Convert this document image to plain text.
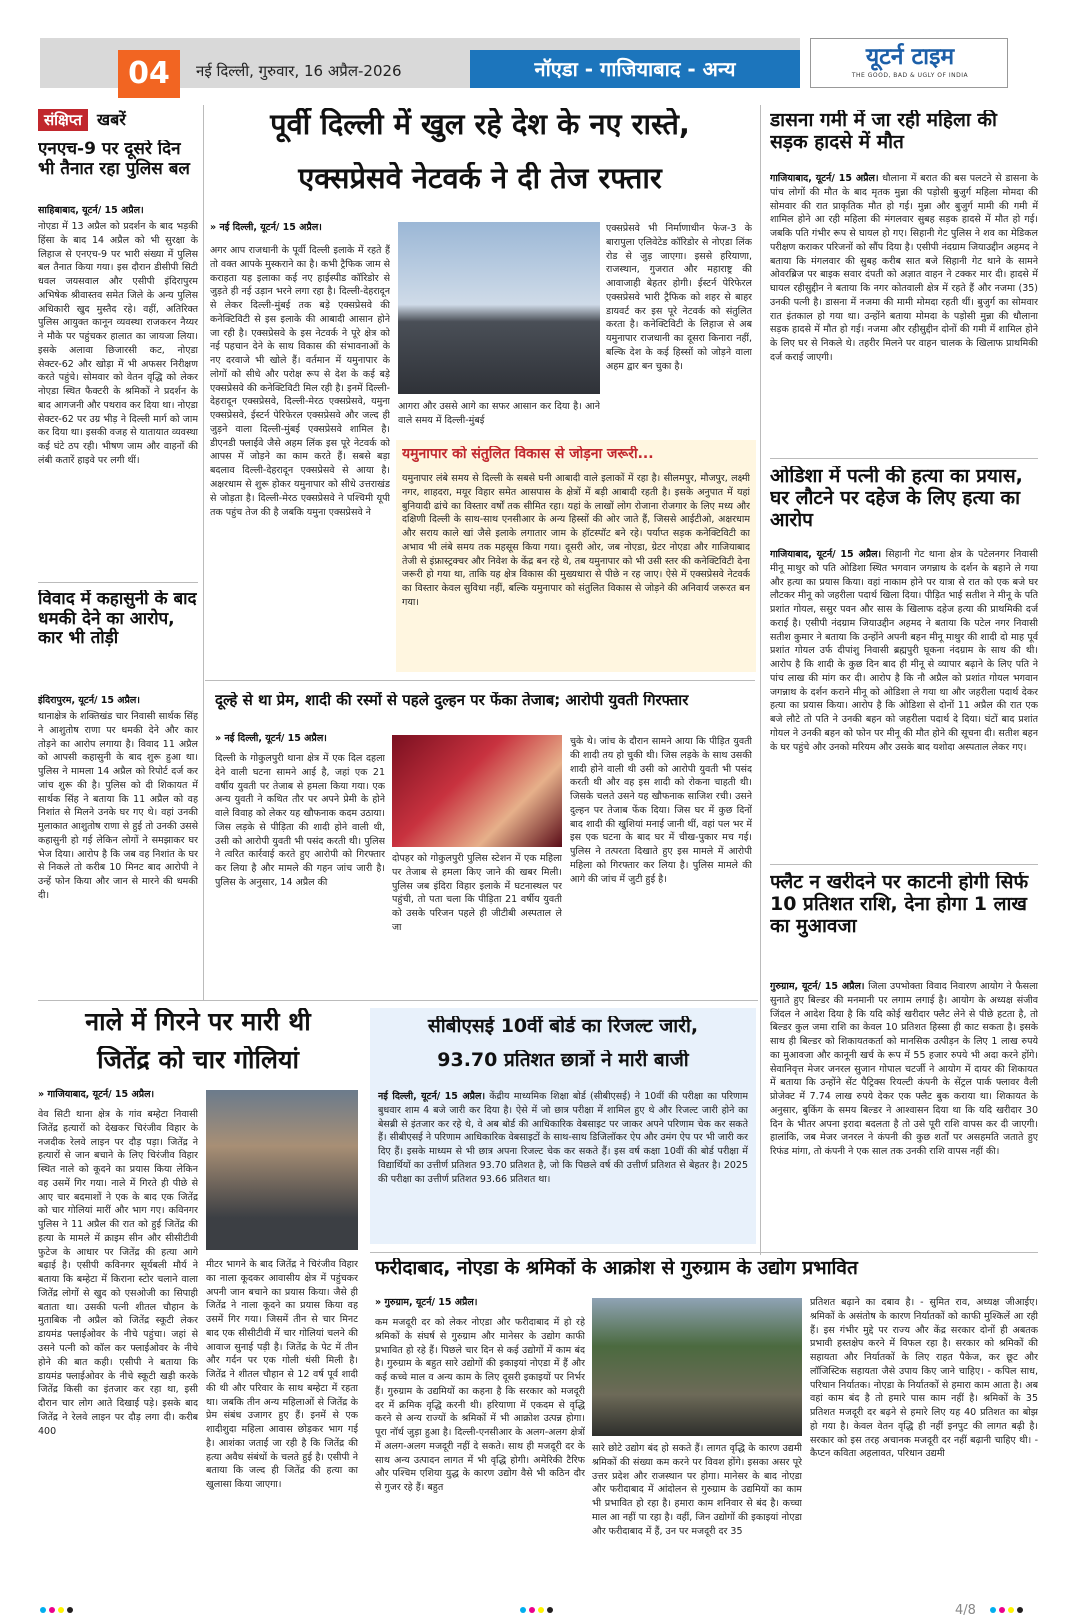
04	नई दिल्ली, गुरुवार, 16 अप्रैल-2026	नॉएडा - गाजियाबाद - अन्य	यूटर्न टाइम
THE GOOD, BAD & UGLY OF INDIA
संक्षिप्त खबरें
एनएच-9 पर दूसरे दिन भी तैनात रहा पुलिस बल
साहिबाबाद, यूटर्न/ 15 अप्रैल।
नोएडा में 13 अप्रैल को प्रदर्शन के बाद भड़की हिंसा के बाद 14 अप्रैल को भी सुरक्षा के लिहाज से एनएच-9 पर भारी संख्या में पुलिस बल तैनात किया गया। इस दौरान डीसीपी सिटी धवल जयसवाल और एसीपी इंदिरापुरम अभिषेक श्रीवास्तव समेत जिले के अन्य पुलिस अधिकारी खुद मुस्तैद रहे। वहीं, अतिरिक्त पुलिस आयुक्त कानून व्यवस्था राजकरन नैय्यर ने मौके पर पहुंचकर हालात का जायजा लिया। इसके अलावा छिजारसी कट, नोएडा सेक्टर-62 और खोड़ा में भी अफसर निरीक्षण करते पहुंचे। सोमवार को वेतन वृद्धि को लेकर नोएडा स्थित फैक्टरी के श्रमिकों ने प्रदर्शन के बाद आगजनी और पथराव कर दिया था। नोएडा सेक्टर-62 पर उग्र भीड़ ने दिल्ली मार्ग को जाम कर दिया था। इसकी वजह से यातायात व्यवस्था कई घंटे ठप रही। भीषण जाम और वाहनों की लंबी कतारें हाइवे पर लगी थीं।
विवाद में कहासुनी के बाद धमकी देने का आरोप, कार भी तोड़ी
इंदिरापुरम, यूटर्न/ 15 अप्रैल।
थानाक्षेत्र के शक्तिखंड चार निवासी सार्थक सिंह ने आशुतोष राणा पर धमकी देने और कार तोड़ने का आरोप लगाया है। विवाद 11 अप्रैल को आपसी कहासुनी के बाद शुरू हुआ था। पुलिस ने मामला 14 अप्रैल को रिपोर्ट दर्ज कर जांच शुरू की है। पुलिस को दी शिकायत में सार्थक सिंह ने बताया कि 11 अप्रैल को वह निशांत से मिलने उनके घर गए थे। वहां उनकी मुलाकात आशुतोष राणा से हुई तो उनकी उससे कहासुनी हो गई लेकिन लोगों ने समझाकर घर भेज दिया। आरोप है कि जब वह निशांत के घर से निकले तो करीब 10 मिनट बाद आरोपी ने उन्हें फोन किया और जान से मारने की धमकी दी।
पूर्वी दिल्ली में खुल रहे देश के नए रास्ते,
एक्सप्रेसवे नेटवर्क ने दी तेज रफ्तार
» नई दिल्ली, यूटर्न/ 15 अप्रैल।
अगर आप राजधानी के पूर्वी दिल्ली इलाके में रहते हैं तो वक्त आपके मुस्कराने का है। कभी ट्रैफिक जाम से कराहता यह इलाका कई नए हाईस्पीड कॉरिडोर से जुड़ते ही नई उड़ान भरने लगा रहा है। दिल्ली-देहरादून से लेकर दिल्ली-मुंबई तक बड़े एक्सप्रेसवे की कनेक्टिविटी से इस इलाके की आबादी आसान होने जा रही है। एक्सप्रेसवे के इस नेटवर्क ने पूरे क्षेत्र को नई पहचान देने के साथ विकास की संभावनाओं के नए दरवाजे भी खोले हैं। वर्तमान में यमुनापार के लोगों को सीधे और परोक्ष रूप से देश के कई बड़े एक्सप्रेसवे की कनेक्टिविटी मिल रही है। इनमें दिल्ली-देहरादून एक्सप्रेसवे, दिल्ली-मेरठ एक्सप्रेसवे, यमुना एक्सप्रेसवे, ईस्टर्न पेरिफेरल एक्सप्रेसवे और जल्द ही जुड़ने वाला दिल्ली-मुंबई एक्सप्रेसवे शामिल है। डीएनडी फ्लाईवे जैसे अहम लिंक इस पूरे नेटवर्क को आपस में जोड़ने का काम करते हैं। सबसे बड़ा बदलाव दिल्ली-देहरादून एक्सप्रेसवे से आया है। अक्षरधाम से शुरू होकर यमुनापार को सीधे उत्तराखंड से जोड़ता है। दिल्ली-मेरठ एक्सप्रेसवे ने पश्चिमी यूपी तक पहुंच तेज की है जबकि यमुना एक्सप्रेसवे ने
आगरा और उससे आगे का सफर आसान कर दिया है। आने वाले समय में दिल्ली-मुंबई
एक्सप्रेसवे भी निर्माणाधीन फेज-3 के बारापुला एलिवेटेड कॉरिडोर से नोएडा लिंक रोड से जुड़ जाएगा। इससे हरियाणा, राजस्थान, गुजरात और महाराष्ट्र की आवाजाही बेहतर होगी। ईस्टर्न पेरिफेरल एक्सप्रेसवे भारी ट्रैफिक को शहर से बाहर डायवर्ट कर इस पूरे नेटवर्क को संतुलित करता है। कनेक्टिविटी के लिहाज से अब यमुनापार राजधानी का दूसरा किनारा नहीं, बल्कि देश के कई हिस्सों को जोड़ने वाला अहम द्वार बन चुका है।
यमुनापार को संतुलित विकास से जोड़ना जरूरी...
यमुनापार लंबे समय से दिल्ली के सबसे घनी आबादी वाले इलाकों में रहा है। सीलमपुर, मौजपुर, लक्ष्मी नगर, शाहदरा, मयूर विहार समेत आसपास के क्षेत्रों में बड़ी आबादी रहती है। इसके अनुपात में यहां बुनियादी ढांचे का विस्तार वर्षों तक सीमित रहा। यहां के लाखों लोग रोजाना रोजगार के लिए मध्य और दक्षिणी दिल्ली के साथ-साथ एनसीआर के अन्य हिस्सों की ओर जाते हैं, जिससे आईटीओ, अक्षरधाम और सराय काले खां जैसे इलाके लगातार जाम के हॉटस्पॉट बने रहे। पर्याप्त सड़क कनेक्टिविटी का अभाव भी लंबे समय तक महसूस किया गया। दूसरी ओर, जब नोएडा, ग्रेटर नोएडा और गाजियाबाद तेजी से इंफ्रास्ट्रक्चर और निवेश के केंद्र बन रहे थे, तब यमुनापार को भी उसी स्तर की कनेक्टिविटी देना जरूरी हो गया था, ताकि यह क्षेत्र विकास की मुख्यधारा से पीछे न रह जाए। ऐसे में एक्सप्रेसवे नेटवर्क का विस्तार केवल सुविधा नहीं, बल्कि यमुनापार को संतुलित विकास से जोड़ने की अनिवार्य जरूरत बन गया।
दूल्हे से था प्रेम, शादी की रस्मों से पहले दुल्हन पर फेंका तेजाब; आरोपी युवती गिरफ्तार
» नई दिल्ली, यूटर्न/ 15 अप्रैल।
दिल्ली के गोकुलपुरी थाना क्षेत्र में एक दिल दहला देने वाली घटना सामने आई है, जहां एक 21 वर्षीय युवती पर तेजाब से हमला किया गया। एक अन्य युवती ने कथित तौर पर अपने प्रेमी के होने वाले विवाह को लेकर यह खौफनाक कदम उठाया। जिस लड़के से पीड़िता की शादी होने वाली थी, उसी को आरोपी युवती भी पसंद करती थी। पुलिस ने त्वरित कार्रवाई करते हुए आरोपी को गिरफ्तार कर लिया है और मामले की गहन जांच जारी है। पुलिस के अनुसार, 14 अप्रैल की
दोपहर को गोकुलपुरी पुलिस स्टेशन में एक महिला पर तेजाब से हमला किए जाने की खबर मिली। पुलिस जब इंदिरा विहार इलाके में घटनास्थल पर पहुंची, तो पता चला कि पीड़िता 21 वर्षीय युवती को उसके परिजन पहले ही जीटीबी अस्पताल ले जा
चुके थे। जांच के दौरान सामने आया कि पीड़ित युवती की शादी तय हो चुकी थी। जिस लड़के के साथ उसकी शादी होने वाली थी उसी को आरोपी युवती भी पसंद करती थी और वह इस शादी को रोकना चाहती थी। जिसके चलते उसने यह खौफनाक साजिश रची। उसने दुल्हन पर तेजाब फेंक दिया। जिस घर में कुछ दिनों बाद शादी की खुशियां मनाई जानी थीं, वहां पल भर में इस एक घटना के बाद घर में चीख-पुकार मच गई। पुलिस ने तत्परता दिखाते हुए इस मामले में आरोपी महिला को गिरफ्तार कर लिया है। पुलिस मामले की आगे की जांच में जुटी हुई है।
डासना गमी में जा रही महिला की सड़क हादसे में मौत
गाजियाबाद, यूटर्न/ 15 अप्रैल। धौलाना में बरात की बस पलटने से डासना के पांच लोगों की मौत के बाद मृतक मुन्ना की पड़ोसी बुजुर्ग महिला मोमदा की सोमवार की रात प्राकृतिक मौत हो गई। मुन्ना और बुजुर्ग मामी की गमी में शामिल होने आ रही महिला की मंगलवार सुबह सड़क हादसे में मौत हो गई। जबकि पति गंभीर रूप से घायल हो गए। सिहानी गेट पुलिस ने शव का मेडिकल परीक्षण कराकर परिजनों को सौंप दिया है। एसीपी नंदग्राम जियाउद्दीन अहमद ने बताया कि मंगलवार की सुबह करीब सात बजे सिहानी गेट थाने के सामने ओवरब्रिज पर बाइक सवार दंपती को अज्ञात वाहन ने टक्कर मार दी। हादसे में घायल रहीसुद्दीन ने बताया कि नगर कोतवाली क्षेत्र में रहते हैं और नजमा (35) उनकी पत्नी है। डासना में नजमा की मामी मोमदा रहती थीं। बुजुर्ग का सोमवार रात इंतकाल हो गया था। उन्होंने बताया मोमदा के पड़ोसी मुन्ना की धौलाना सड़क हादसे में मौत हो गई। नजमा और रहीसुद्दीन दोनों की गमी में शामिल होने के लिए घर से निकले थे। तहरीर मिलने पर वाहन चालक के खिलाफ प्राथमिकी दर्ज कराई जाएगी।
ओडिशा में पत्नी की हत्या का प्रयास, घर लौटने पर दहेज के लिए हत्या का आरोप
गाजियाबाद, यूटर्न/ 15 अप्रैल। सिहानी गेट थाना क्षेत्र के पटेलनगर निवासी मीनू माथुर को पति ओडिशा स्थित भगवान जगन्नाथ के दर्शन के बहाने ले गया और हत्या का प्रयास किया। वहां नाकाम होने पर यात्रा से रात को एक बजे घर लौटकर मीनू को जहरीला पदार्थ खिला दिया। पीड़ित भाई सतीश ने मीनू के पति प्रशांत गोयल, ससुर पवन और सास के खिलाफ दहेज हत्या की प्राथमिकी दर्ज कराई है। एसीपी नंदग्राम जियाउद्दीन अहमद ने बताया कि पटेल नगर निवासी सतीश कुमार ने बताया कि उन्होंने अपनी बहन मीनू माथुर की शादी दो माह पूर्व प्रशांत गोयल उर्फ दीपांशु निवासी ब्रह्मपुरी घूकना नंदग्राम के साथ की थी। आरोप है कि शादी के कुछ दिन बाद ही मीनू से व्यापार बढ़ाने के लिए पति ने पांच लाख की मांग कर दी। आरोप है कि नौ अप्रैल को प्रशांत गोयल भगवान जगन्नाथ के दर्शन कराने मीनू को ओडिशा ले गया था और जहरीला पदार्थ देकर हत्या का प्रयास किया। आरोप है कि ओडिशा से दोनों 11 अप्रैल की रात एक बजे लौटे तो पति ने उनकी बहन को जहरीला पदार्थ दे दिया। घंटों बाद प्रशांत गोयल ने उनकी बहन को फोन पर मीनू की मौत होने की सूचना दी। सतीश बहन के घर पहुंचे और उनको मरियम और उसके बाद यशोदा अस्पताल लेकर गए।
फ्लैट न खरीदने पर काटनी होगी सिर्फ 10 प्रतिशत राशि, देना होगा 1 लाख का मुआवजा
गुरुग्राम, यूटर्न/ 15 अप्रैल। जिला उपभोक्ता विवाद निवारण आयोग ने फैसला सुनाते हुए बिल्डर की मनमानी पर लगाम लगाई है। आयोग के अध्यक्ष संजीव जिंदल ने आदेश दिया है कि यदि कोई खरीदार फ्लैट लेने से पीछे हटता है, तो बिल्डर कुल जमा राशि का केवल 10 प्रतिशत हिस्सा ही काट सकता है। इसके साथ ही बिल्डर को शिकायतकर्ता को मानसिक उत्पीड़न के लिए 1 लाख रुपये का मुआवजा और कानूनी खर्च के रूप में 55 हजार रुपये भी अदा करने होंगे। सेवानिवृत्त मेजर जनरल सुजान गोपाल चटर्जी ने आयोग में दायर की शिकायत में बताया कि उन्होंने सेंट पैट्रिक्स रियल्टी कंपनी के सेंट्रल पार्क फ्लावर वैली प्रोजेक्ट में 7.74 लाख रुपये देकर एक फ्लैट बुक कराया था। शिकायत के अनुसार, बुकिंग के समय बिल्डर ने आश्वासन दिया था कि यदि खरीदार 30 दिन के भीतर अपना इरादा बदलता है तो उसे पूरी राशि वापस कर दी जाएगी। हालांकि, जब मेजर जनरल ने कंपनी की कुछ शर्तों पर असहमति जताते हुए रिफंड मांगा, तो कंपनी ने एक साल तक उनकी राशि वापस नहीं की।
नाले में गिरने पर मारी थी
जितेंद्र को चार गोलियां
» गाजियाबाद, यूटर्न/ 15 अप्रैल।
वेव सिटी थाना क्षेत्र के गांव बम्हेटा निवासी जितेंद्र हत्यारों को देखकर चिरंजीव विहार के नजदीक रेलवे लाइन पर दौड़ पड़ा। जितेंद्र ने हत्यारों से जान बचाने के लिए चिरंजीव विहार स्थित नाले को कूदने का प्रयास किया लेकिन वह उसमें गिर गया। नाले में गिरते ही पीछे से आए चार बदमाशों ने एक के बाद एक जितेंद्र को चार गोलियां मारीं और भाग गए। कविनगर पुलिस ने 11 अप्रैल की रात को हुई जितेंद्र की हत्या के मामले में क्राइम सीन और सीसीटीवी फुटेज के आधार पर जितेंद्र की हत्या आगे बढ़ाई है। एसीपी कविनगर सूर्यबली मौर्य ने बताया कि बम्हेटा में किराना स्टोर चलाने वाला जितेंद्र लोगों से खुद को एसओजी का सिपाही बताता था। उसकी पत्नी शीतल चौहान के मुताबिक नौ अप्रैल को जितेंद्र स्कूटी लेकर डायमंड फ्लाईओवर के नीचे पहुंचा। जहां से उसने पत्नी को कॉल कर फ्लाईओवर के नीचे होने की बात कही। एसीपी ने बताया कि डायमंड फ्लाईओवर के नीचे स्कूटी खड़ी करके जितेंद्र किसी का इंतजार कर रहा था, इसी दौरान चार लोग आते दिखाई पड़े। इसके बाद जितेंद्र ने रेलवे लाइन पर दौड़ लगा दी। करीब 400
मीटर भागने के बाद जितेंद्र ने चिरंजीव विहार का नाला कूदकर आवासीय क्षेत्र में पहुंचकर अपनी जान बचाने का प्रयास किया। जैसे ही जितेंद्र ने नाला कूदने का प्रयास किया वह उसमें गिर गया। जिसमें तीन से चार मिनट बाद एक सीसीटीवी में चार गोलियां चलने की आवाज सुनाई पड़ी है। जितेंद्र के पेट में तीन और गर्दन पर एक गोली धंसी मिली है। जितेंद्र ने शीतल चौहान से 12 वर्ष पूर्व शादी की थी और परिवार के साथ बम्हेटा में रहता था। जबकि तीन अन्य महिलाओं से जितेंद्र के प्रेम संबंध उजागर हुए हैं। इनमें से एक शादीशुदा महिला आवास छोड़कर भाग गई है। आशंका जताई जा रही है कि जितेंद्र की हत्या अवैध संबंधों के चलते हुई है। एसीपी ने बताया कि जल्द ही जितेंद्र की हत्या का खुलासा किया जाएगा।
सीबीएसई 10वीं बोर्ड का रिजल्ट जारी,
93.70 प्रतिशत छात्रों ने मारी बाजी
नई दिल्ली, यूटर्न/ 15 अप्रैल। केंद्रीय माध्यमिक शिक्षा बोर्ड (सीबीएसई) ने 10वीं की परीक्षा का परिणाम बुधवार शाम 4 बजे जारी कर दिया है। ऐसे में जो छात्र परीक्षा में शामिल हुए थे और रिजल्ट जारी होने का बेसब्री से इंतजार कर रहे थे, वे अब बोर्ड की आधिकारिक वेबसाइट पर जाकर अपने परिणाम चेक कर सकते हैं। सीबीएसई ने परिणाम आधिकारिक वेबसाइटों के साथ-साथ डिजिलॉकर ऐप और उमंग ऐप पर भी जारी कर दिए हैं। इसके माध्यम से भी छात्र अपना रिजल्ट चेक कर सकते हैं। इस वर्ष कक्षा 10वीं की बोर्ड परीक्षा में विद्यार्थियों का उत्तीर्ण प्रतिशत 93.70 प्रतिशत है, जो कि पिछले वर्ष की उत्तीर्ण प्रतिशत से बेहतर है। 2025 की परीक्षा का उत्तीर्ण प्रतिशत 93.66 प्रतिशत था।
फरीदाबाद, नोएडा के श्रमिकों के आक्रोश से गुरुग्राम के उद्योग प्रभावित
» गुरुग्राम, यूटर्न/ 15 अप्रैल।
कम मजदूरी दर को लेकर नोएडा और फरीदाबाद में हो रहे श्रमिकों के संघर्ष से गुरुग्राम और मानेसर के उद्योग काफी प्रभावित हो रहे हैं। पिछले चार दिन से कई उद्योगों में काम बंद है। गुरुग्राम के बहुत सारे उद्योगों की इकाइयां नोएडा में हैं और कई कच्चे माल व अन्य काम के लिए दूसरी इकाइयों पर निर्भर हैं। गुरुग्राम के उद्यमियों का कहना है कि सरकार को मजदूरी दर में क्रमिक वृद्धि करनी थी। हरियाणा में एकदम से वृद्धि करने से अन्य राज्यों के श्रमिकों में भी आक्रोश उत्पन्न होगा। पूरा नॉर्थ जुड़ा हुआ है। दिल्ली-एनसीआर के अलग-अलग क्षेत्रों में अलग-अलग मजदूरी नहीं दे सकते। साथ ही मजदूरी दर के साथ अन्य उत्पादन लागत में भी वृद्धि होगी। अमेरिकी टैरिफ और पश्चिम एशिया युद्ध के कारण उद्योग वैसे भी कठिन दौर से गुजर रहे हैं। बहुत
सारे छोटे उद्योग बंद हो सकते हैं। लागत वृद्धि के कारण उद्यमी श्रमिकों की संख्या कम करने पर विवश होंगे। इसका असर पूरे उत्तर प्रदेश और राजस्थान पर होगा। मानेसर के बाद नोएडा और फरीदाबाद में आंदोलन से गुरुग्राम के उद्यमियों का काम भी प्रभावित हो रहा है। हमारा काम शनिवार से बंद है। कच्चा माल आ नहीं पा रहा है। वहीं, जिन उद्योगों की इकाइयां नोएडा और फरीदाबाद में हैं, उन पर मजदूरी दर 35
प्रतिशत बढ़ाने का दबाव है। - सुमित राव, अध्यक्ष जीआईए। श्रमिकों के असंतोष के कारण निर्यातकों को काफी मुश्किलें आ रही हैं। इस गंभीर मुद्दे पर राज्य और केंद्र सरकार दोनों ही अबतक प्रभावी हस्तक्षेप करने में विफल रहा है। सरकार को श्रमिकों की सहायता और निर्यातकों के लिए राहत पैकेज, कर छूट और लॉजिस्टिक सहायता जैसे उपाय किए जाने चाहिए। - कपिल साध, परिधान निर्यातक। नोएडा के निर्यातकों से हमारा काम आता है। अब वहां काम बंद है तो हमारे पास काम नहीं है। श्रमिकों के 35 प्रतिशत मजदूरी दर बढ़ने से हमारे लिए यह 40 प्रतिशत का बोझ हो गया है। केवल वेतन वृद्धि ही नहीं इनपुट की लागत बढ़ी है। सरकार को इस तरह अचानक मजदूरी दर नहीं बढ़ानी चाहिए थी। - कैप्टन कविता अहलावत, परिधान उद्यमी
4/8
